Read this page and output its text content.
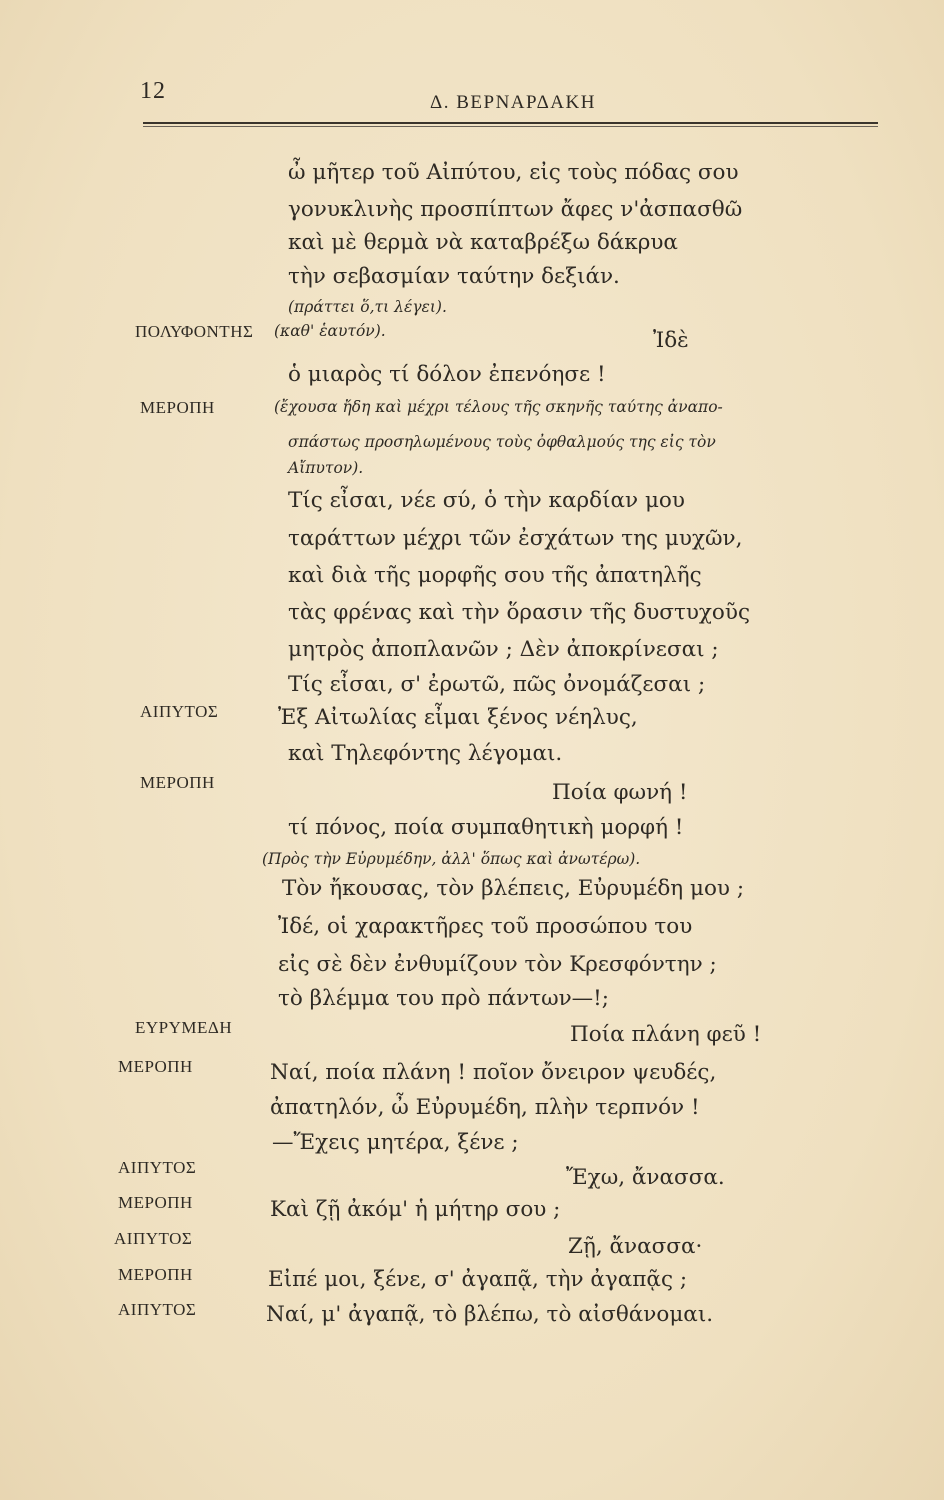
12	Δ. ΒΕΡΝΑΡΔΑΚΗ
ὦ μῆτερ τοῦ Αἰπύτου, εἰς τοὺς πόδας σου
γονυκλινὴς προσπίπτων ἄφες ν'ἀσπασθῶ
καὶ μὲ θερμὰ νὰ καταβρέξω δάκρυα
τὴν σεβασμίαν ταύτην δεξιάν.
(πράττει ὅ,τι λέγει).
ΠΟΛΥΦΟΝΤΗΣ (καθ' ἑαυτόν).	Ἰδὲ
ὁ μιαρὸς τί δόλον ἐπενόησε !
ΜΕΡΟΠΗ	(ἔχουσα ἤδη καὶ μέχρι τέλους τῆς σκηνῆς ταύτης ἀναπο-
σπάστως προσηλωμένους τοὺς ὀφθαλμούς της εἰς τὸν
Αἴπυτον).
Τίς εἶσαι, νέε σύ, ὁ τὴν καρδίαν μου
ταράττων μέχρι τῶν ἐσχάτων της μυχῶν,
καὶ διὰ τῆς μορφῆς σου τῆς ἀπατηλῆς
τὰς φρένας καὶ τὴν ὅρασιν τῆς δυστυχοῦς
μητρὸς ἀποπλανῶν ; Δὲν ἀποκρίνεσαι ;
Τίς εἶσαι, σ' ἐρωτῶ, πῶς ὀνομάζεσαι ;
ΑΙΠΥΤΟΣ	Ἐξ Αἰτωλίας εἶμαι ξένος νέηλυς,
καὶ Τηλεφόντης λέγομαι.
ΜΕΡΟΠΗ	Ποία φωνή !
τί πόνος, ποία συμπαθητικὴ μορφή !
(Πρὸς τὴν Εὐρυμέδην, ἀλλ' ὅπως καὶ ἀνωτέρω).
Τὸν ἤκουσας, τὸν βλέπεις, Εὐρυμέδη μου ;
Ἰδέ, οἱ χαρακτῆρες τοῦ προσώπου του
εἰς σὲ δὲν ἐνθυμίζουν τὸν Κρεσφόντην ;
τὸ βλέμμα του πρὸ πάντων—!;
ΕΥΡΥΜΕΔΗ	Ποία πλάνη φεῦ !
ΜΕΡΟΠΗ	Ναί, ποία πλάνη ! ποῖον ὄνειρον ψευδές,
ἀπατηλόν, ὦ Εὐρυμέδη, πλὴν τερπνόν !
—Ἔχεις μητέρα, ξένε ;
ΑΙΠΥΤΟΣ	Ἔχω, ἄνασσα.
ΜΕΡΟΠΗ	Καὶ ζῇ ἀκόμ' ἡ μήτηρ σου ;
ΑΙΠΥΤΟΣ	Ζῇ, ἄνασσα·
ΜΕΡΟΠΗ	Εἰπέ μοι, ξένε, σ' ἀγαπᾷ, τὴν ἀγαπᾷς ;
ΑΙΠΥΤΟΣ	Ναί, μ' ἀγαπᾷ, τὸ βλέπω, τὸ αἰσθάνομαι.
